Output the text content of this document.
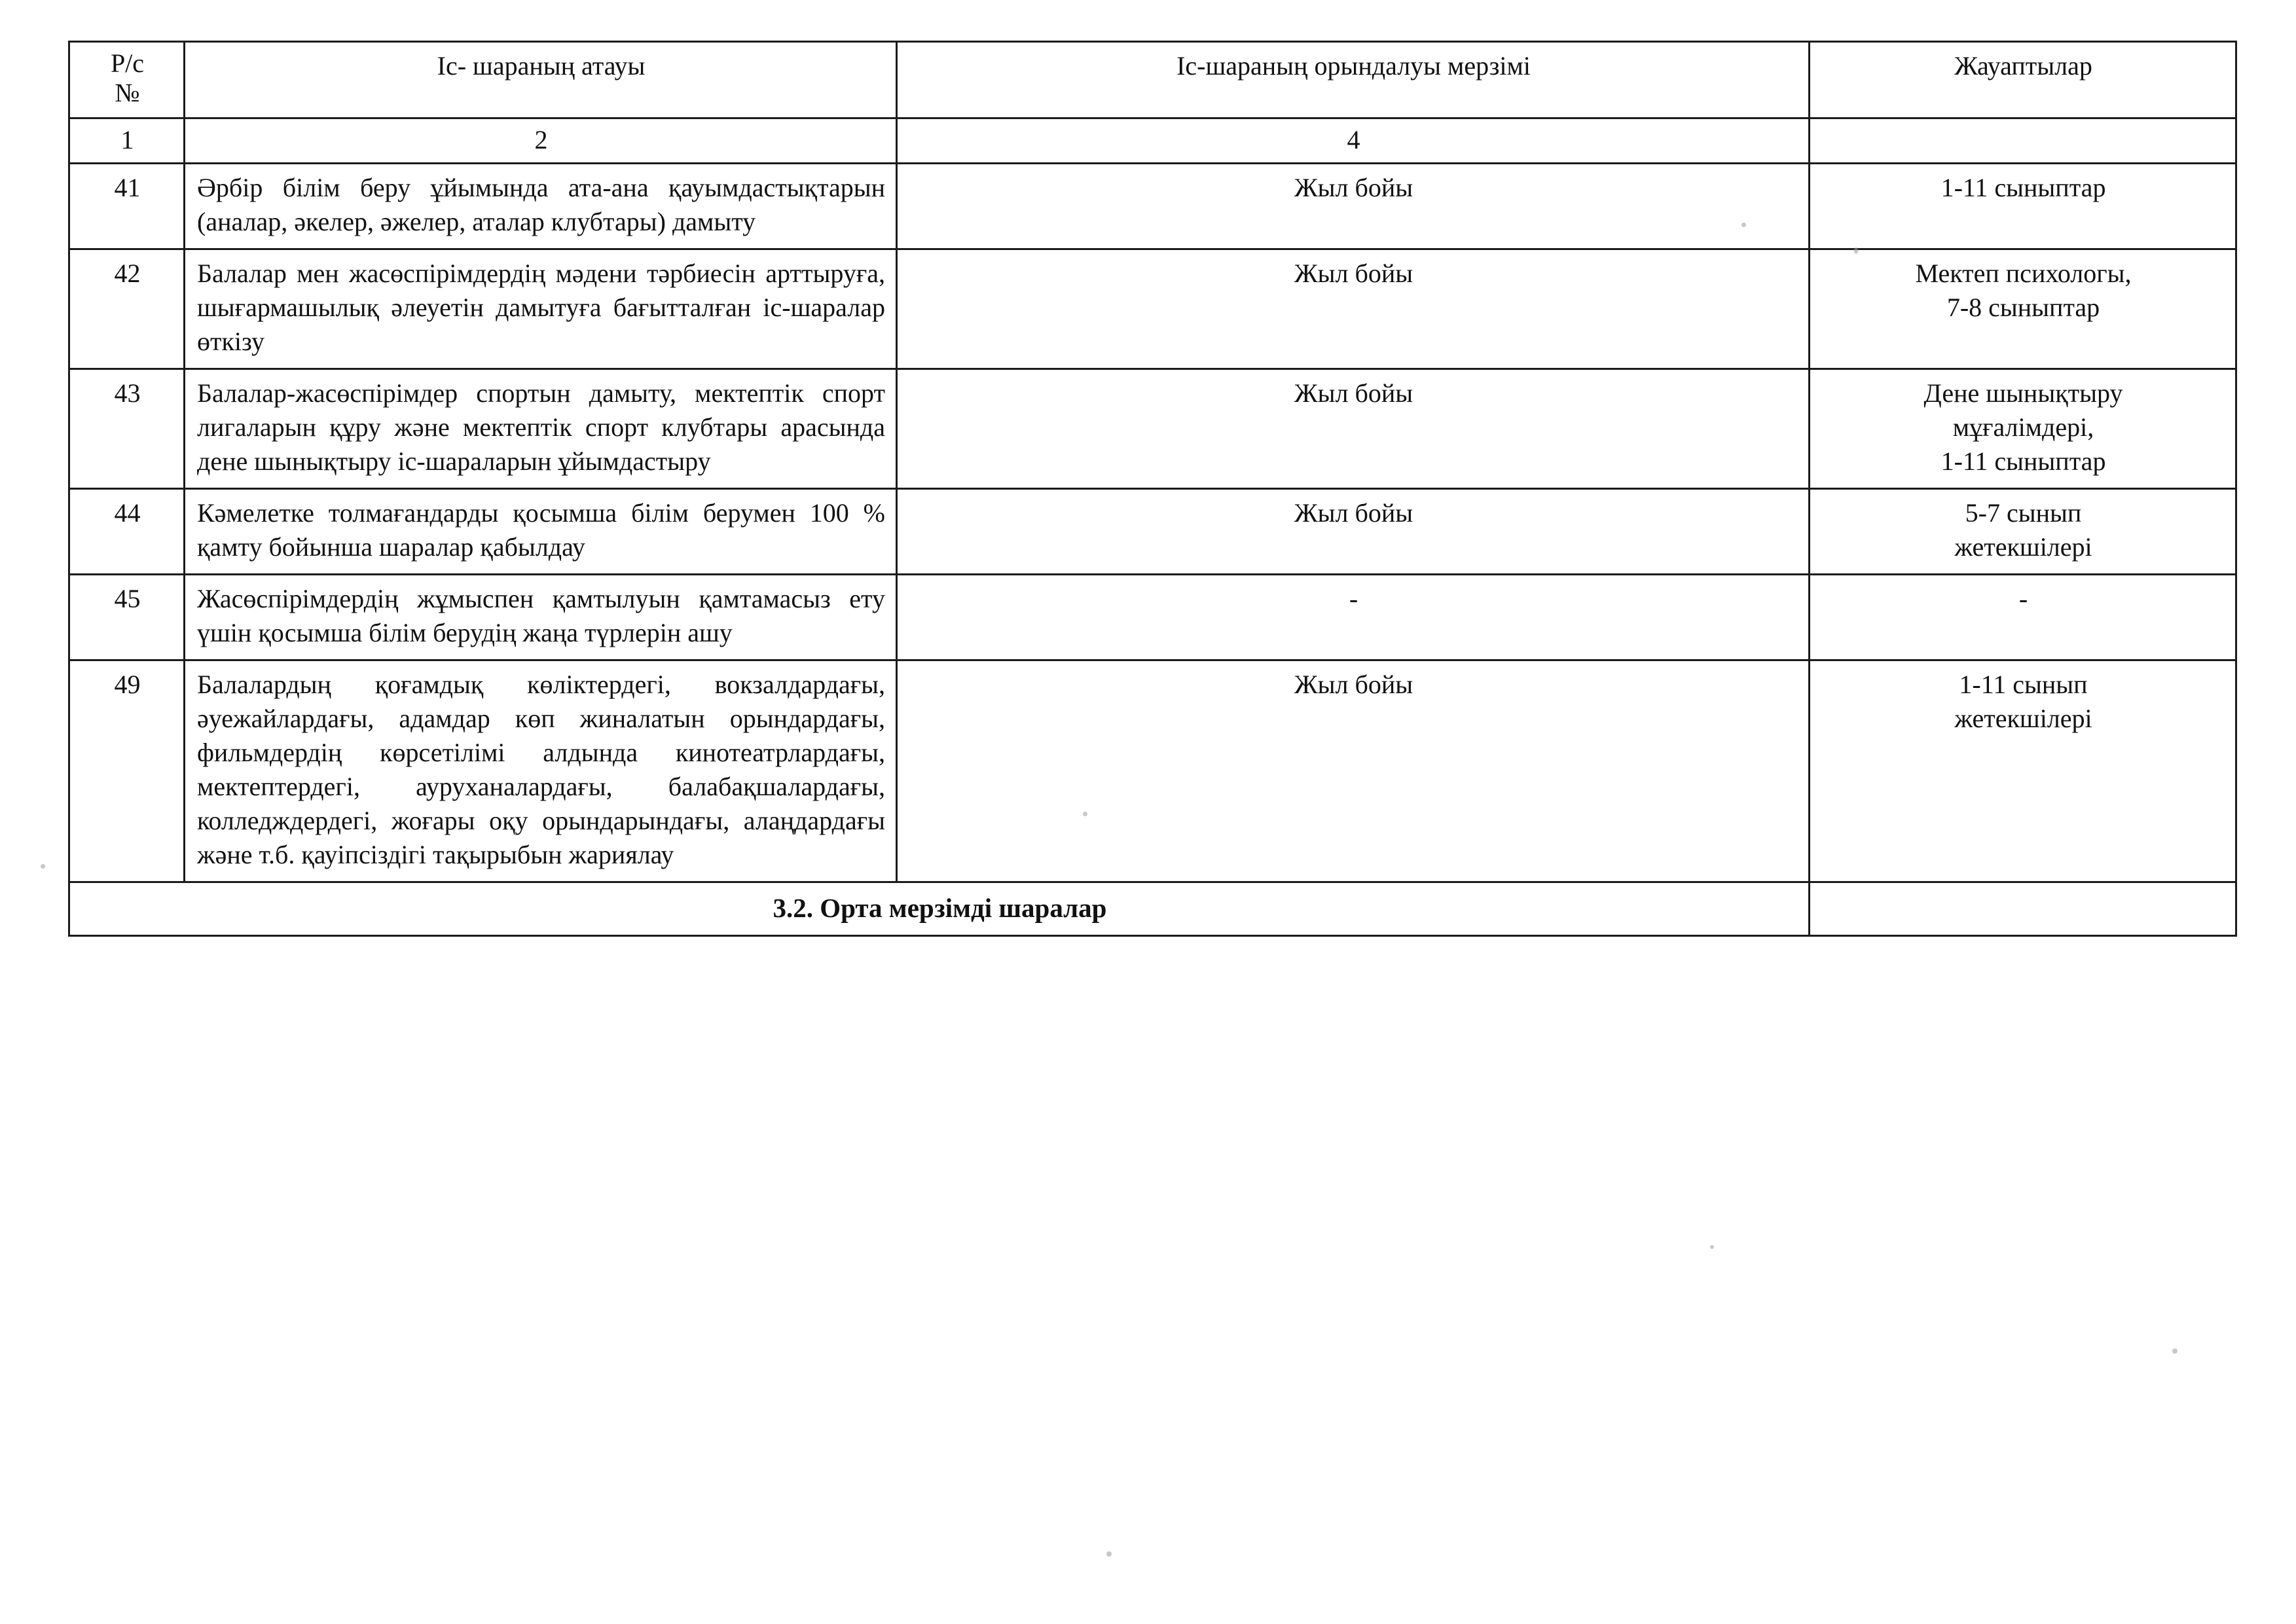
Р/с
№	Іс- шараның атауы	Іс-шараның орындалуы мерзімі	Жауаптылар
1	2	4	
41	Әрбір білім беру ұйымында ата-ана қауымдастықтарын (аналар, әкелер, әжелер, аталар клубтары) дамыту	Жыл бойы	1-11 сыныптар

42	Балалар мен жасөспірімдердің мәдени тәрбиесін арттыруға, шығармашылық әлеуетін дамытуға бағытталған іс-шаралар өткізу	Жыл бойы	Мектеп психологы,
7-8 сыныптар

43	Балалар-жасөспірімдер спортын дамыту, мектептік спорт лигаларын құру және мектептік спорт клубтары арасында дене шынықтыру іс-шараларын ұйымдастыру	Жыл бойы	Дене шынықтыру
мұғалімдері,
1-11 сыныптар

44	Кәмелетке толмағандарды қосымша білім берумен 100 % қамту бойынша шаралар қабылдау	Жыл бойы	5-7 сынып
жетекшілері

45	Жасөспірімдердің жұмыспен қамтылуын қамтамасыз ету үшін қосымша білім берудің жаңа түрлерін ашу	-	-
49	Балалардың қоғамдық көліктердегі, вокзалдардағы, әуежайлардағы, адамдар көп жиналатын орындардағы, фильмдердің көрсетілімі алдында кинотеатрлардағы, мектептердегі, ауруханалардағы, балабақшалардағы, колледждердегі, жоғары оқу орындарындағы, алаңдардағы және т.б. қауіпсіздігі тақырыбын жариялау	Жыл бойы	1-11 сынып
жетекшілері

3.2. Орта мерзімді шаралар			
